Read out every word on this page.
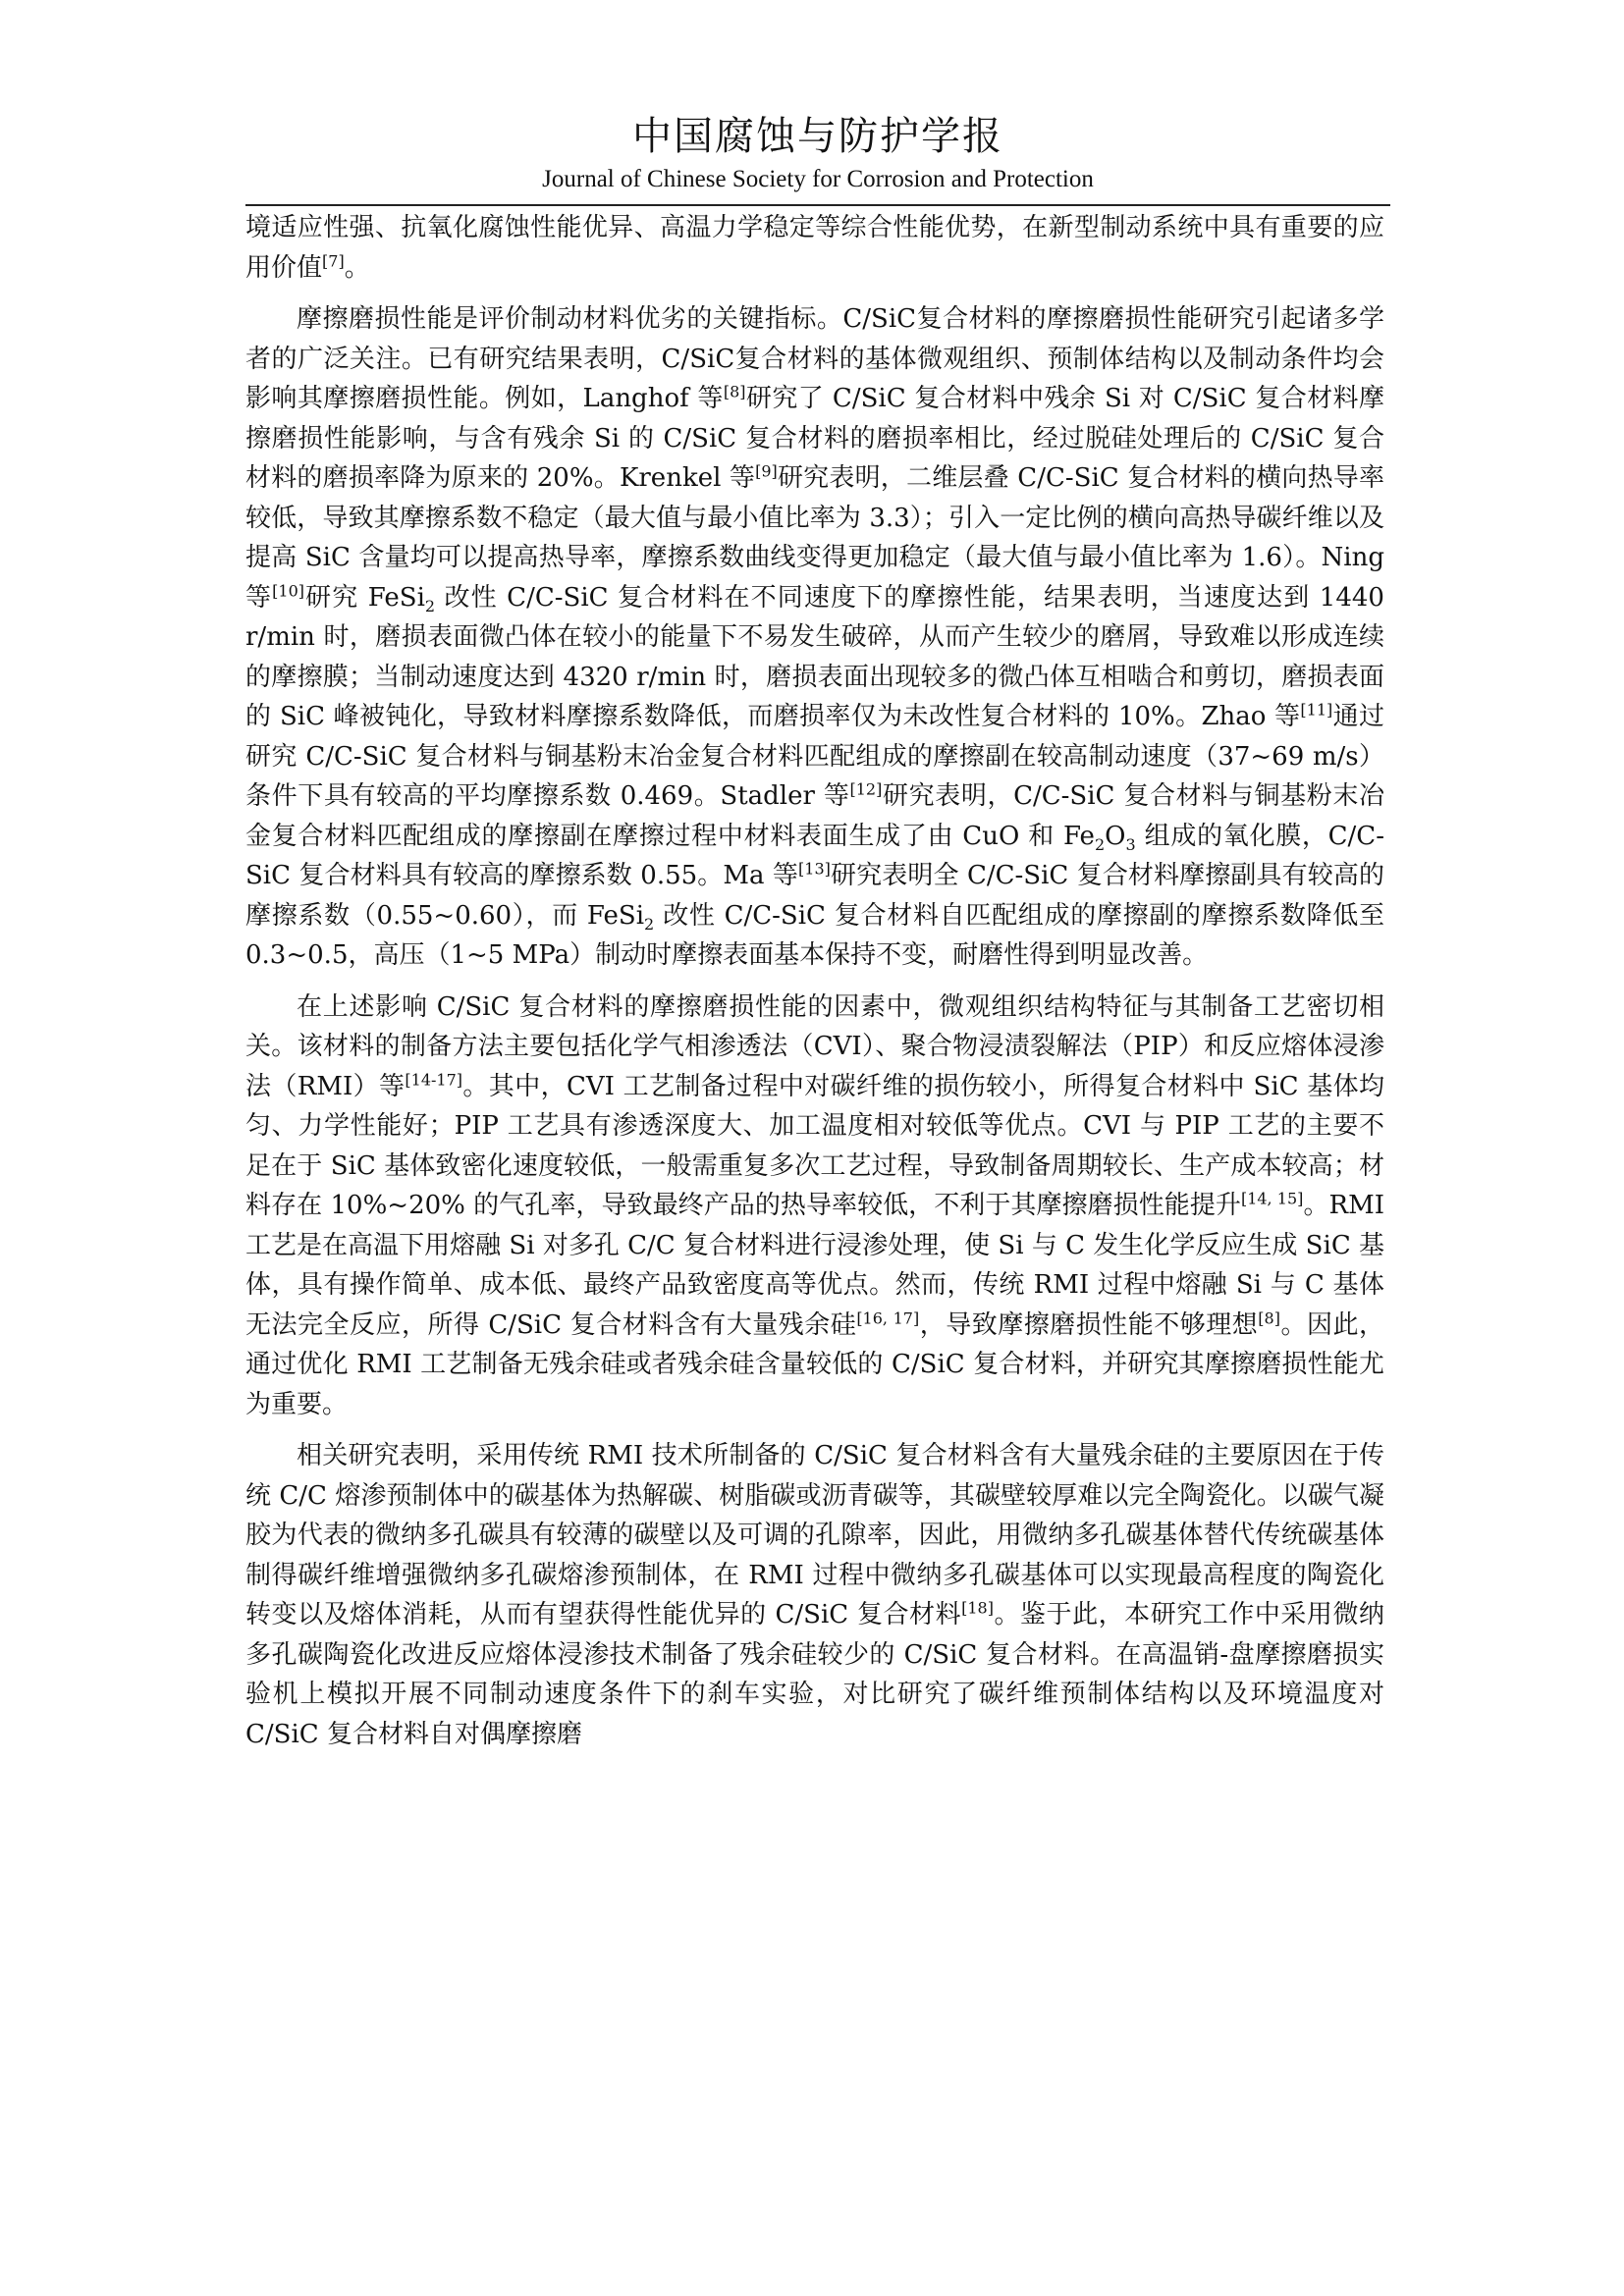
中国腐蚀与防护学报
Journal of Chinese Society for Corrosion and Protection

境适应性强、抗氧化腐蚀性能优异、高温力学稳定等综合性能优势，在新型制动系统中具有重要的应用价值[7]。

摩擦磨损性能是评价制动材料优劣的关键指标。C/SiC复合材料的摩擦磨损性能研究引起诸多学者的广泛关注。已有研究结果表明，C/SiC复合材料的基体微观组织、预制体结构以及制动条件均会影响其摩擦磨损性能。例如，Langhof 等[8]研究了 C/SiC 复合材料中残余 Si 对 C/SiC 复合材料摩擦磨损性能影响，与含有残余 Si 的 C/SiC 复合材料的磨损率相比，经过脱硅处理后的 C/SiC 复合材料的磨损率降为原来的 20%。Krenkel 等[9]研究表明，二维层叠 C/C-SiC 复合材料的横向热导率较低，导致其摩擦系数不稳定（最大值与最小值比率为 3.3）；引入一定比例的横向高热导碳纤维以及提高 SiC 含量均可以提高热导率，摩擦系数曲线变得更加稳定（最大值与最小值比率为 1.6）。Ning 等[10]研究 FeSi$_2$ 改性 C/C-SiC 复合材料在不同速度下的摩擦性能，结果表明，当速度达到 1440 r/min 时，磨损表面微凸体在较小的能量下不易发生破碎，从而产生较少的磨屑，导致难以形成连续的摩擦膜；当制动速度达到 4320 r/min 时，磨损表面出现较多的微凸体互相啮合和剪切，磨损表面的 SiC 峰被钝化，导致材料摩擦系数降低，而磨损率仅为未改性复合材料的 10%。Zhao 等[11]通过研究 C/C-SiC 复合材料与铜基粉末冶金复合材料匹配组成的摩擦副在较高制动速度（37~69 m/s）条件下具有较高的平均摩擦系数 0.469。Stadler 等[12]研究表明，C/C-SiC 复合材料与铜基粉末冶金复合材料匹配组成的摩擦副在摩擦过程中材料表面生成了由 CuO 和 $Fe_2O_3$ 组成的氧化膜，C/C-SiC 复合材料具有较高的摩擦系数 0.55。Ma 等[13]研究表明全 C/C-SiC 复合材料摩擦副具有较高的摩擦系数（0.55~0.60），而 FeSi$_2$ 改性 C/C-SiC 复合材料自匹配组成的摩擦副的摩擦系数降低至 0.3~0.5，高压（1~5 MPa）制动时摩擦表面基本保持不变，耐磨性得到明显改善。

在上述影响 C/SiC 复合材料的摩擦磨损性能的因素中，微观组织结构特征与其制备工艺密切相关。该材料的制备方法主要包括化学气相渗透法（CVI）、聚合物浸渍裂解法（PIP）和反应熔体浸渗法（RMI）等[14-17]。其中，CVI 工艺制备过程中对碳纤维的损伤较小，所得复合材料中 SiC 基体均匀、力学性能好；PIP 工艺具有渗透深度大、加工温度相对较低等优点。CVI 与 PIP 工艺的主要不足在于 SiC 基体致密化速度较低，一般需重复多次工艺过程，导致制备周期较长、生产成本较高；材料存在 10%~20% 的气孔率，导致最终产品的热导率较低，不利于其摩擦磨损性能提升[14, 15]。RMI 工艺是在高温下用熔融 Si 对多孔 C/C 复合材料进行浸渗处理，使 Si 与 C 发生化学反应生成 SiC 基体，具有操作简单、成本低、最终产品致密度高等优点。然而，传统 RMI 过程中熔融 Si 与 C 基体无法完全反应，所得 C/SiC 复合材料含有大量残余硅[16, 17]，导致摩擦磨损性能不够理想[8]。因此，通过优化 RMI 工艺制备无残余硅或者残余硅含量较低的 C/SiC 复合材料，并研究其摩擦磨损性能尤为重要。

相关研究表明，采用传统 RMI 技术所制备的 C/SiC 复合材料含有大量残余硅的主要原因在于传统 C/C 熔渗预制体中的碳基体为热解碳、树脂碳或沥青碳等，其碳壁较厚难以完全陶瓷化。以碳气凝胶为代表的微纳多孔碳具有较薄的碳壁以及可调的孔隙率，因此，用微纳多孔碳基体替代传统碳基体制得碳纤维增强微纳多孔碳熔渗预制体，在 RMI 过程中微纳多孔碳基体可以实现最高程度的陶瓷化转变以及熔体消耗，从而有望获得性能优异的 C/SiC 复合材料[18]。鉴于此，本研究工作中采用微纳多孔碳陶瓷化改进反应熔体浸渗技术制备了残余硅较少的 C/SiC 复合材料。在高温销-盘摩擦磨损实验机上模拟开展不同制动速度条件下的刹车实验，对比研究了碳纤维预制体结构以及环境温度对 C/SiC 复合材料自对偶摩擦磨
